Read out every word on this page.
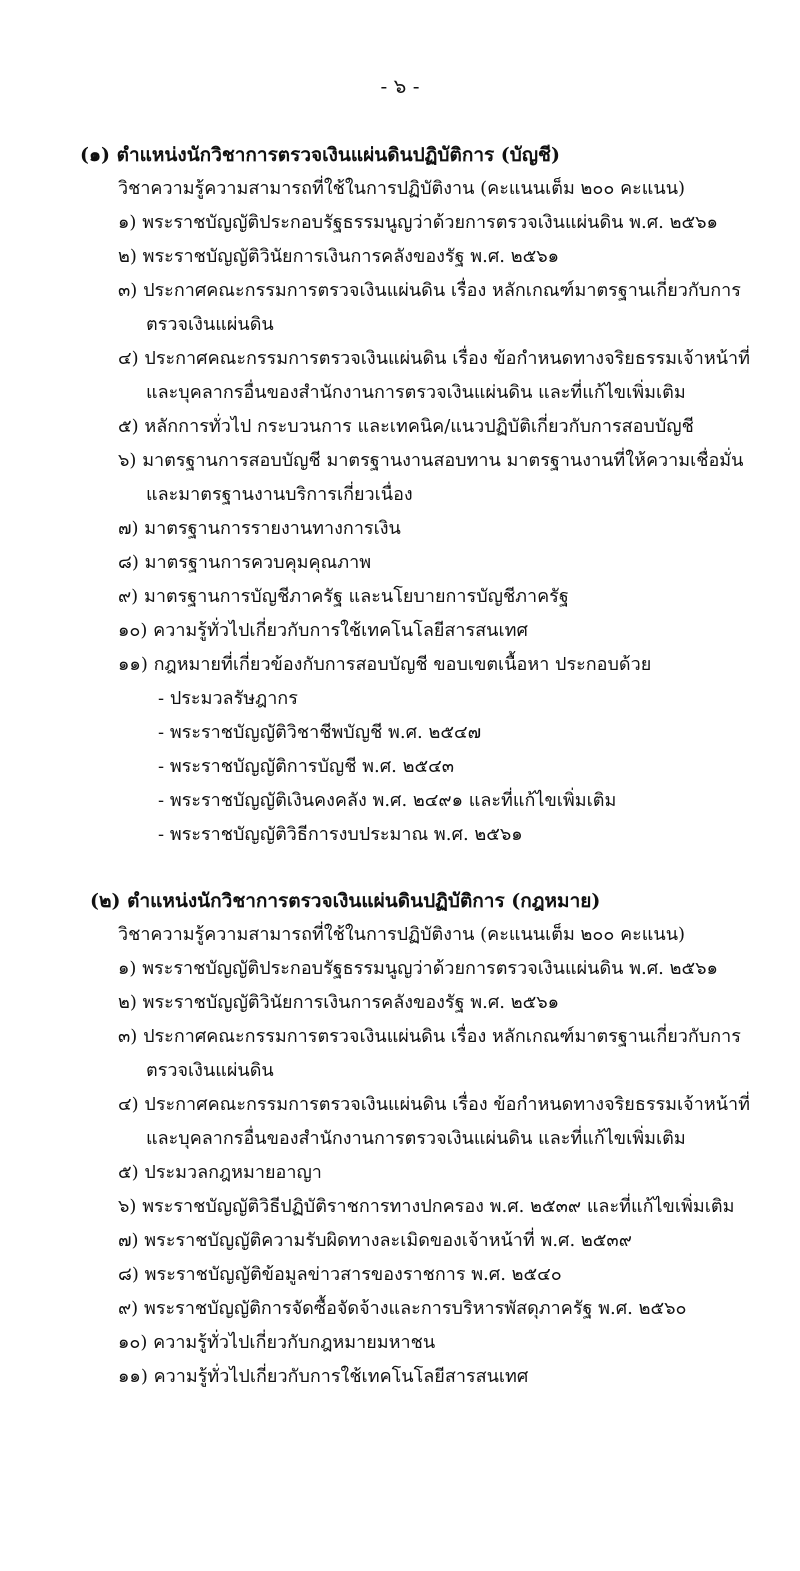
- ๖ -
(๑) ตำแหน่งนักวิชาการตรวจเงินแผ่นดินปฏิบัติการ (บัญชี)
วิชาความรู้ความสามารถที่ใช้ในการปฏิบัติงาน (คะแนนเต็ม ๒๐๐ คะแนน)
๑) พระราชบัญญัติประกอบรัฐธรรมนูญว่าด้วยการตรวจเงินแผ่นดิน พ.ศ. ๒๕๖๑
๒) พระราชบัญญัติวินัยการเงินการคลังของรัฐ พ.ศ. ๒๕๖๑
๓) ประกาศคณะกรรมการตรวจเงินแผ่นดิน เรื่อง หลักเกณฑ์มาตรฐานเกี่ยวกับการ
ตรวจเงินแผ่นดิน
๔) ประกาศคณะกรรมการตรวจเงินแผ่นดิน เรื่อง ข้อกำหนดทางจริยธรรมเจ้าหน้าที่
และบุคลากรอื่นของสำนักงานการตรวจเงินแผ่นดิน และที่แก้ไขเพิ่มเติม
๕) หลักการทั่วไป กระบวนการ และเทคนิค/แนวปฏิบัติเกี่ยวกับการสอบบัญชี
๖) มาตรฐานการสอบบัญชี มาตรฐานงานสอบทาน มาตรฐานงานที่ให้ความเชื่อมั่น
และมาตรฐานงานบริการเกี่ยวเนื่อง
๗) มาตรฐานการรายงานทางการเงิน
๘) มาตรฐานการควบคุมคุณภาพ
๙) มาตรฐานการบัญชีภาครัฐ และนโยบายการบัญชีภาครัฐ
๑๐) ความรู้ทั่วไปเกี่ยวกับการใช้เทคโนโลยีสารสนเทศ
๑๑) กฎหมายที่เกี่ยวข้องกับการสอบบัญชี ขอบเขตเนื้อหา ประกอบด้วย
- ประมวลรัษฎากร
- พระราชบัญญัติวิชาชีพบัญชี พ.ศ. ๒๕๔๗
- พระราชบัญญัติการบัญชี พ.ศ. ๒๕๔๓
- พระราชบัญญัติเงินคงคลัง พ.ศ. ๒๔๙๑ และที่แก้ไขเพิ่มเติม
- พระราชบัญญัติวิธีการงบประมาณ พ.ศ. ๒๕๖๑
(๒) ตำแหน่งนักวิชาการตรวจเงินแผ่นดินปฏิบัติการ (กฎหมาย)
วิชาความรู้ความสามารถที่ใช้ในการปฏิบัติงาน (คะแนนเต็ม ๒๐๐ คะแนน)
๑) พระราชบัญญัติประกอบรัฐธรรมนูญว่าด้วยการตรวจเงินแผ่นดิน พ.ศ. ๒๕๖๑
๒) พระราชบัญญัติวินัยการเงินการคลังของรัฐ พ.ศ. ๒๕๖๑
๓) ประกาศคณะกรรมการตรวจเงินแผ่นดิน เรื่อง หลักเกณฑ์มาตรฐานเกี่ยวกับการ
ตรวจเงินแผ่นดิน
๔) ประกาศคณะกรรมการตรวจเงินแผ่นดิน เรื่อง ข้อกำหนดทางจริยธรรมเจ้าหน้าที่
และบุคลากรอื่นของสำนักงานการตรวจเงินแผ่นดิน และที่แก้ไขเพิ่มเติม
๕) ประมวลกฎหมายอาญา
๖) พระราชบัญญัติวิธีปฏิบัติราชการทางปกครอง พ.ศ. ๒๕๓๙ และที่แก้ไขเพิ่มเติม
๗) พระราชบัญญัติความรับผิดทางละเมิดของเจ้าหน้าที่ พ.ศ. ๒๕๓๙
๘) พระราชบัญญัติข้อมูลข่าวสารของราชการ พ.ศ. ๒๕๔๐
๙) พระราชบัญญัติการจัดซื้อจัดจ้างและการบริหารพัสดุภาครัฐ พ.ศ. ๒๕๖๐
๑๐) ความรู้ทั่วไปเกี่ยวกับกฎหมายมหาชน
๑๑) ความรู้ทั่วไปเกี่ยวกับการใช้เทคโนโลยีสารสนเทศ
